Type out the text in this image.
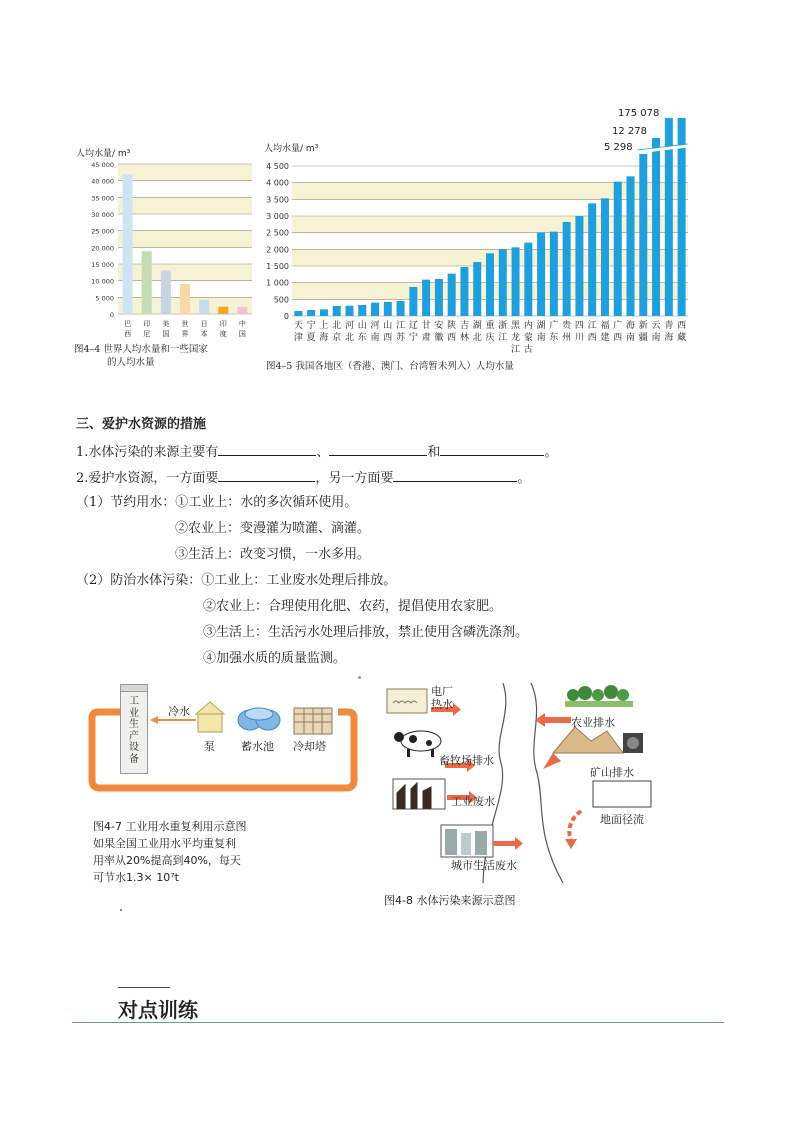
人均水量/ m³
45 000
40 000
35 000
30 000
25 000
20 000
15 000
10 000
5 000
0
巴
西
印
尼
美
国
世
界
日
本
印
度
中
国
人均水量/ m³
4 500
4 000
3 500
3 000
2 500
2 000
1 500
1 000
500
0
天
津
宁
夏
上
海
北
京
河
北
山
东
河
南
山
西
江
苏
辽
宁
甘
肃
安
徽
陕
西
吉
林
湖
北
重
庆
浙
江
黑
龙
江
内
蒙
古
湖
南
广
东
贵
州
四
川
江
西
福
建
广
西
海
南
新
疆
云
南
青
海
西
藏
175 078
12 278
5 298
图4–4 世界人均水量和一些国家
的人均水量	图4–5 我国各地区（香港、澳门、台湾暂未列入）人均水量
三、爱护水资源的措施
1.水体污染的来源主要有	、	和	。
2.爱护水资源，一方面要	，另一方面要	。
（1）节约用水：①工业上：水的多次循环使用。
②农业上：变漫灌为喷灌、滴灌。
③生活上：改变习惯，一水多用。
（2）防治水体污染：①工业上：工业废水处理后排放。
②农业上：合理使用化肥、农药，提倡使用农家肥。
③生活上：生活污水处理后排放，禁止使用含磷洗涤剂。
④加强水质的质量监测。
工
业
生
产
设
备
冷水
泵 蓄水池 冷却塔
图4-7 工业用水重复利用示意图
如果全国工业用水平均重复利
用率从20%提高到40%，每天
可节水1.3× 10⁷t
电厂
热水
农业排水
畜牧场排水
矿山排水
工业废水
地面径流
城市生活废水
图4-8 水体污染来源示意图
对点训练
